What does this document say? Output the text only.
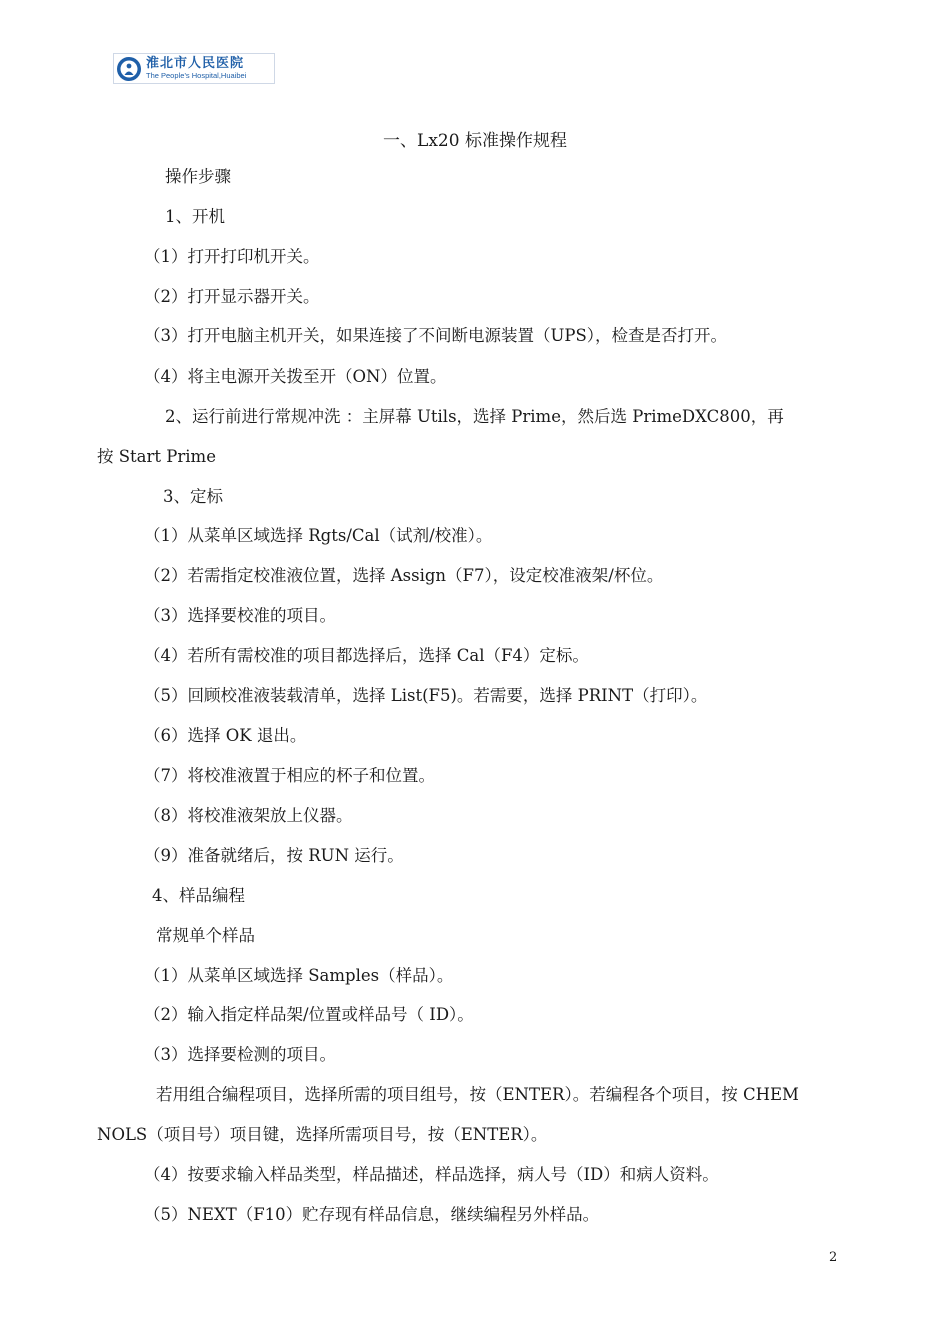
淮北市人民医院
The People’s Hospital,Huaibei
一、Lx20 标准操作规程
操作步骤
1、开机
（1）打开打印机开关。
（2）打开显示器开关。
（3）打开电脑主机开关，如果连接了不间断电源装置（UPS），检查是否打开。
（4）将主电源开关拨至开（ON）位置。
2、运行前进行常规冲洗 ：主屏幕 Utils，选择 Prime，然后选 PrimeDXC800，再
按 Start Prime
3、定标
（1）从菜单区域选择 Rgts/Cal（试剂/校准）。
（2）若需指定校准液位置，选择 Assign（F7），设定校准液架/杯位。
（3）选择要校准的项目。
（4）若所有需校准的项目都选择后，选择 Cal（F4）定标。
（5）回顾校准液装载清单，选择 List(F5)。若需要，选择 PRINT（打印）。
（6）选择 OK 退出。
（7）将校准液置于相应的杯子和位置。
（8）将校准液架放上仪器。
（9）准备就绪后，按 RUN 运行。
4、样品编程
常规单个样品
（1）从菜单区域选择 Samples（样品）。
（2）输入指定样品架/位置或样品号（ ID）。
（3）选择要检测的项目。
若用组合编程项目，选择所需的项目组号，按（ENTER）。若编程各个项目，按 CHEM
NOLS（项目号）项目键，选择所需项目号，按（ENTER）。
（4）按要求输入样品类型，样品描述，样品选择，病人号（ID）和病人资料。
（5）NEXT（F10）贮存现有样品信息，继续编程另外样品。
2
